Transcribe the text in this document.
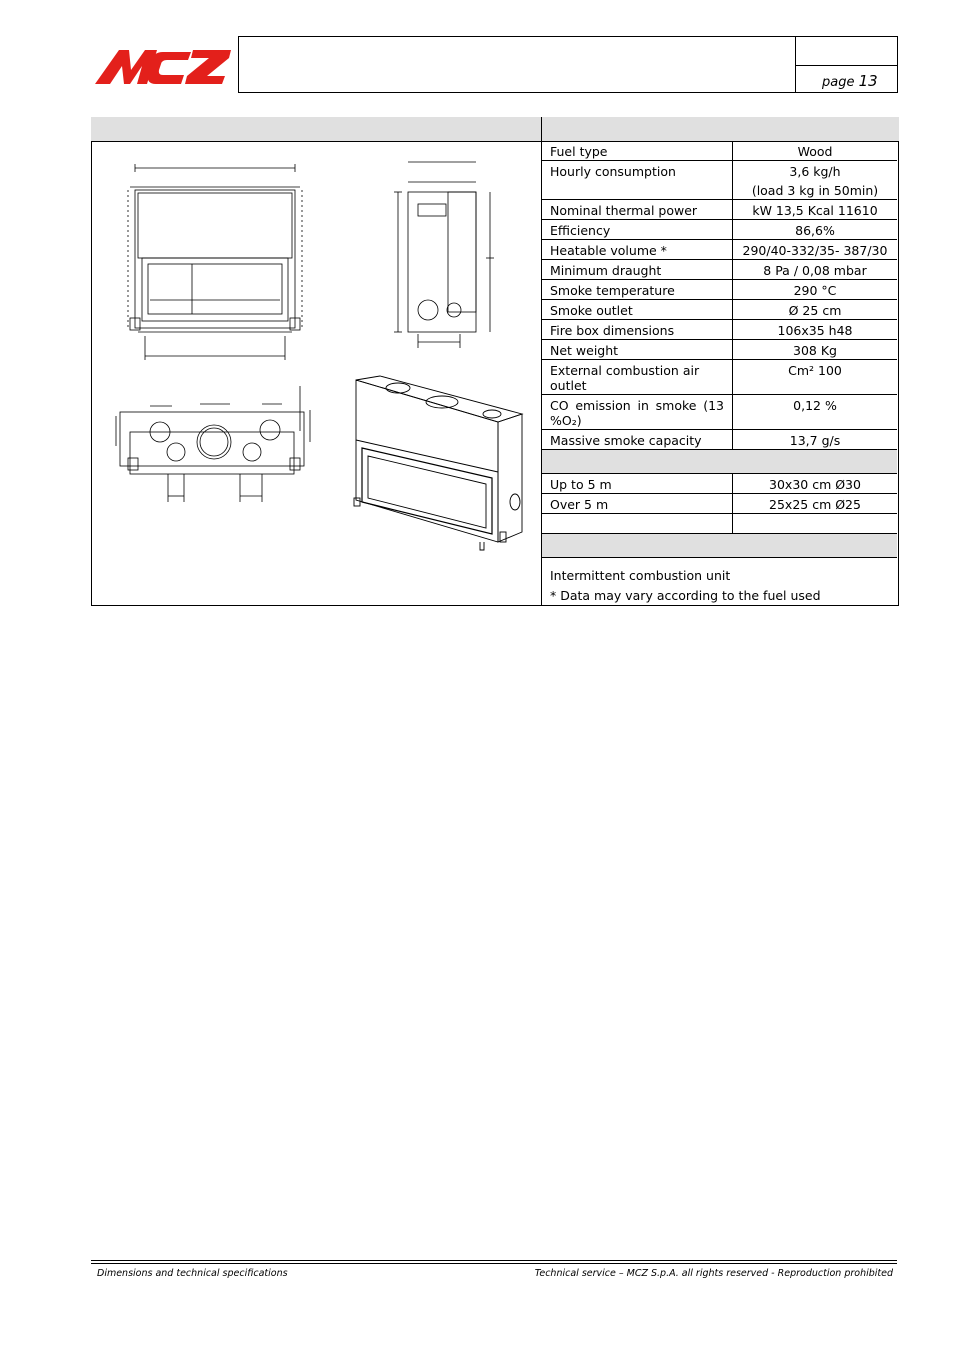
page 13
Fuel type	Wood
Hourly consumption	3,6 kg/h
(load 3 kg in 50min)

Nominal thermal power	kW 13,5 Kcal 11610
Efficiency	86,6%
Heatable volume *	290/40-332/35- 387/30
Minimum draught	8 Pa / 0,08 mbar
Smoke temperature	290 °C
Smoke outlet	Ø 25 cm
Fire box dimensions	106x35 h48
Net weight	308 Kg
External combustion air outlet	Cm² 100

CO emission in smoke (13
%O₂)	0,12 %
Massive smoke capacity	13,7 g/s

Up to 5 m	30x30 cm Ø30
Over 5 m	25x25 cm Ø25

Intermittent combustion unit
* Data may vary according to the fuel used
Dimensions and technical specifications	Technical service – MCZ S.p.A. all rights reserved - Reproduction prohibited
